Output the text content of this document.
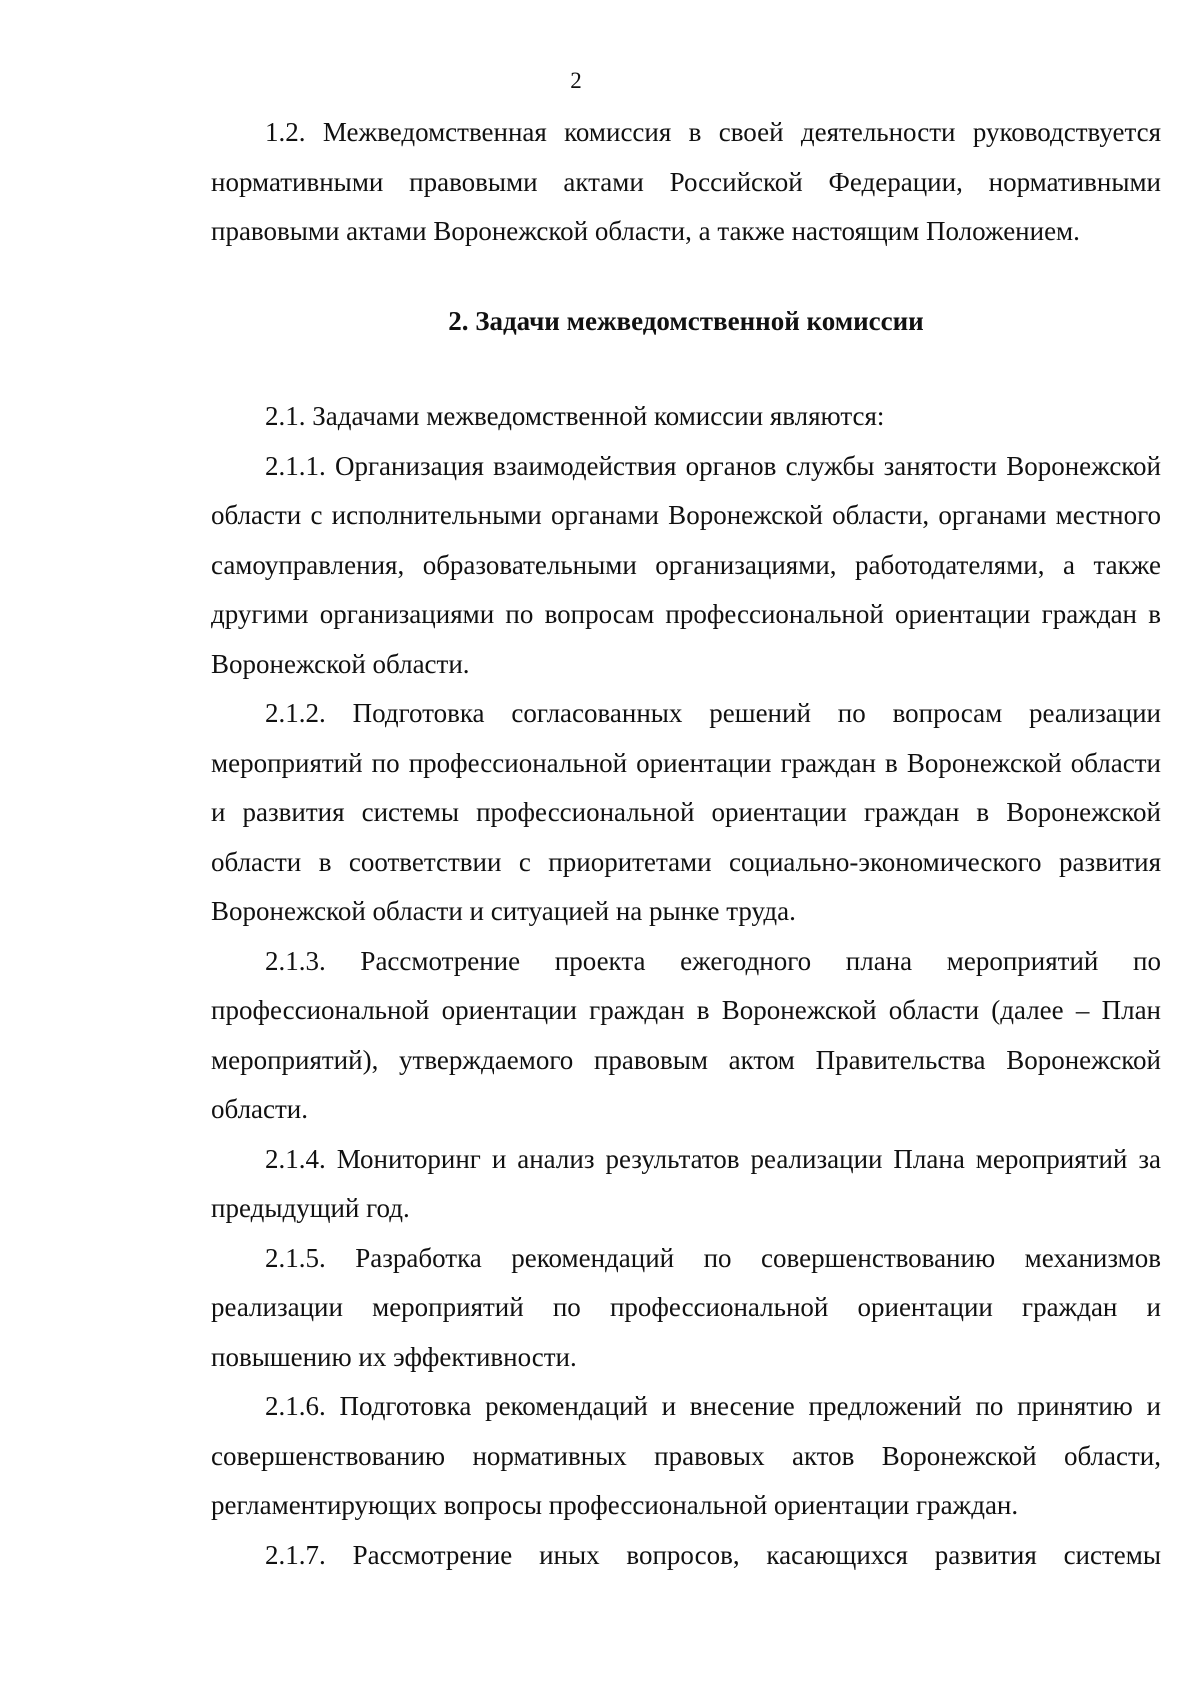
2

1.2. Межведомственная комиссия в своей деятельности руководствуется нормативными правовыми актами Российской Федерации, нормативными правовыми актами Воронежской области, а также настоящим Положением.

2. Задачи межведомственной комиссии

2.1. Задачами межведомственной комиссии являются:

2.1.1. Организация взаимодействия органов службы занятости Воронежской области с исполнительными органами Воронежской области, органами местного самоуправления, образовательными организациями, работодателями, а также другими организациями по вопросам профессиональной ориентации граждан в Воронежской области.

2.1.2. Подготовка согласованных решений по вопросам реализации мероприятий по профессиональной ориентации граждан в Воронежской области и развития системы профессиональной ориентации граждан в Воронежской области в соответствии с приоритетами социально-экономического развития Воронежской области и ситуацией на рынке труда.

2.1.3. Рассмотрение проекта ежегодного плана мероприятий по профессиональной ориентации граждан в Воронежской области (далее – План мероприятий), утверждаемого правовым актом Правительства Воронежской области.

2.1.4. Мониторинг и анализ результатов реализации Плана мероприятий за предыдущий год.

2.1.5. Разработка рекомендаций по совершенствованию механизмов реализации мероприятий по профессиональной ориентации граждан и повышению их эффективности.

2.1.6. Подготовка рекомендаций и внесение предложений по принятию и совершенствованию нормативных правовых актов Воронежской области, регламентирующих вопросы профессиональной ориентации граждан.

2.1.7. Рассмотрение иных вопросов, касающихся развития системы
